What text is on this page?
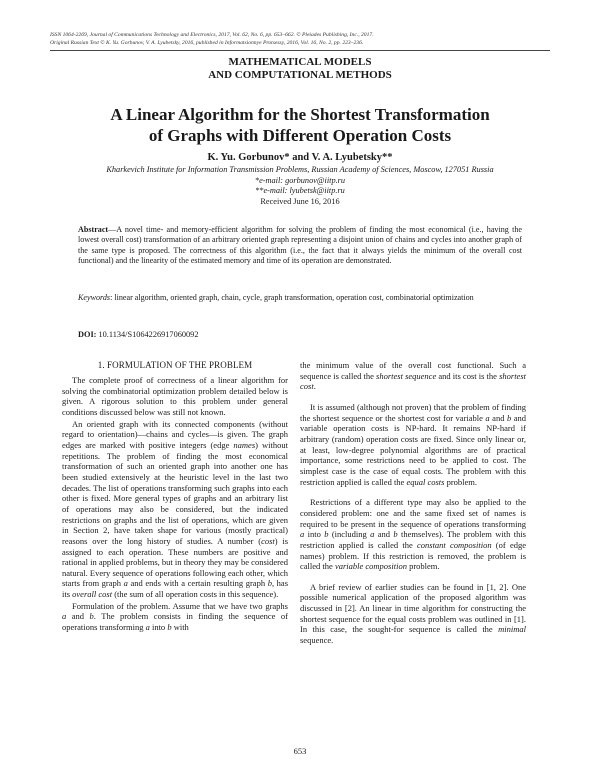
ISSN 1064-2269, Journal of Communications Technology and Electronics, 2017, Vol. 62, No. 6, pp. 653–662. © Pleiades Publishing, Inc., 2017.
Original Russian Text © K. Yu. Gorbunov, V. A. Lyubetsky, 2016, published in Informatsionnye Protsessy, 2016, Vol. 16, No. 2, pp. 223–236.
MATHEMATICAL MODELS
AND COMPUTATIONAL METHODS
A Linear Algorithm for the Shortest Transformation
of Graphs with Different Operation Costs
K. Yu. Gorbunov* and V. A. Lyubetsky**
Kharkevich Institute for Information Transmission Problems, Russian Academy of Sciences, Moscow, 127051 Russia
*e-mail: gorbunov@iitp.ru
**e-mail: lyubetsk@iitp.ru
Received June 16, 2016
Abstract—A novel time- and memory-efficient algorithm for solving the problem of finding the most economical (i.e., having the lowest overall cost) transformation of an arbitrary oriented graph representing a disjoint union of chains and cycles into another graph of the same type is proposed. The correctness of this algorithm (i.e., the fact that it always yields the minimum of the overall cost functional) and the linearity of the estimated memory and time of its operation are demonstrated.
Keywords: linear algorithm, oriented graph, chain, cycle, graph transformation, operation cost, combinatorial optimization
DOI: 10.1134/S1064226917060092
1. FORMULATION OF THE PROBLEM

The complete proof of correctness of a linear algorithm for solving the combinatorial optimization problem detailed below is given. A rigorous solution to this problem under general conditions discussed below was still not known.

An oriented graph with its connected components (without regard to orientation)—chains and cycles—is given. The graph edges are marked with positive integers (edge names) without repetitions. The problem of finding the most economical transformation of such an oriented graph into another one has been studied extensively at the heuristic level in the last two decades. The list of operations transforming such graphs into each other is fixed. More general types of graphs and an arbitrary list of operations may also be considered, but the indicated restrictions on graphs and the list of operations, which are given in Section 2, have taken shape for various (mostly practical) reasons over the long history of studies. A number (cost) is assigned to each operation. These numbers are positive and rational in applied problems, but in theory they may be considered natural. Every sequence of operations following each other, which starts from graph a and ends with a certain resulting graph b, has its overall cost (the sum of all operation costs in this sequence).

Formulation of the problem. Assume that we have two graphs a and b. The problem consists in finding the sequence of operations transforming a into b with

the minimum value of the overall cost functional. Such a sequence is called the shortest sequence and its cost is the shortest cost.

It is assumed (although not proven) that the problem of finding the shortest sequence or the shortest cost for variable a and b and variable operation costs is NP-hard. It remains NP-hard if arbitrary (random) operation costs are fixed. Since only linear or, at least, low-degree polynomial algorithms are of practical importance, some restrictions need to be applied to cost. The simplest case is the case of equal costs. The problem with this restriction applied is called the equal costs problem.

Restrictions of a different type may also be applied to the considered problem: one and the same fixed set of names is required to be present in the sequence of operations transforming a into b (including a and b themselves). The problem with this restriction applied is called the constant composition (of edge names) problem. If this restriction is removed, the problem is called the variable composition problem.

A brief review of earlier studies can be found in [1, 2]. One possible numerical application of the proposed algorithm was discussed in [2]. An linear in time algorithm for constructing the shortest sequence for the equal costs problem was outlined in [1]. In this case, the sought-for sequence is called the minimal sequence.

653
